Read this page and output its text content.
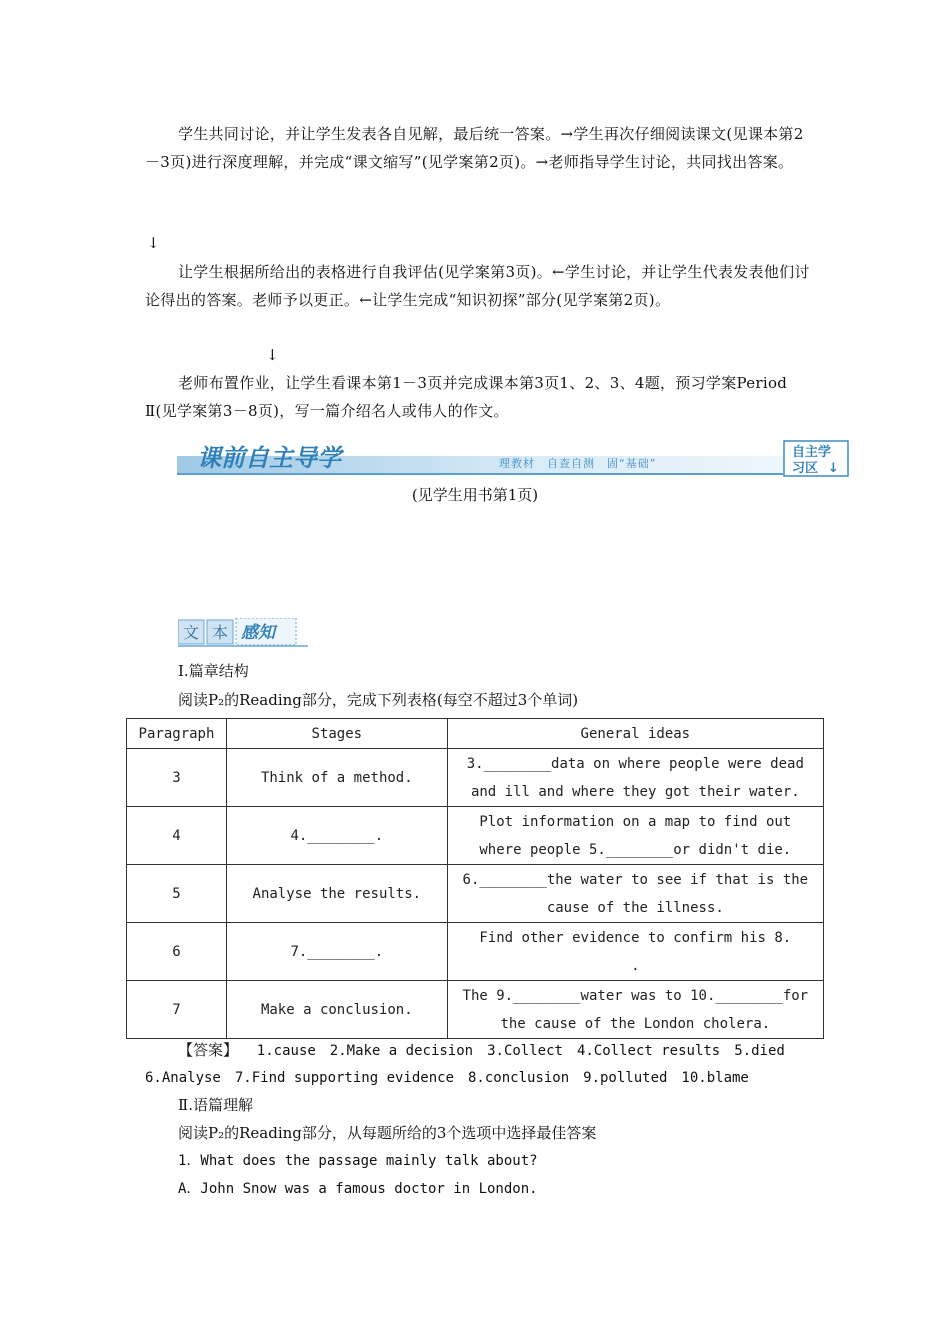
学生共同讨论，并让学生发表各自见解，最后统一答案。→学生再次仔细阅读课文(见课本第2－3页)进行深度理解，并完成“课文缩写”(见学案第2页)。→老师指导学生讨论，共同找出答案。

↓

让学生根据所给出的表格进行自我评估(见学案第3页)。←学生讨论，并让学生代表发表他们讨论得出的答案。老师予以更正。←让学生完成“知识初探”部分(见学案第2页)。

↓

老师布置作业，让学生看课本第1－3页并完成课本第3页1、2、3、4题，预习学案Period Ⅱ(见学案第3－8页)，写一篇介绍名人或伟人的作文。

课前自主导学	理教材　自查自测　固“基础”
自主学
习区 ↓
(见学生用书第1页)
文 本 感知
Ⅰ.篇章结构
阅读P₂的Reading部分，完成下列表格(每空不超过3个单词)
Paragraph	Stages	General ideas
3	Think of a method.	3.________data on where people were dead
and ill and where they got their water.

4	4.________.	Plot information on a map to find out
where people 5.________or didn't die.

5	Analyse the results.	6.________the water to see if that is the
cause of the illness.

6	7.________.	Find other evidence to confirm his 8.
.

7	Make a conclusion.	The 9.________water was to 10.________for
the cause of the London cholera.
【答案】 1.cause　2.Make a decision　3.Collect　4.Collect results　5.died
6.Analyse　7.Find supporting evidence　8.conclusion　9.polluted　10.blame
Ⅱ.语篇理解
阅读P₂的Reading部分，从每题所给的3个选项中选择最佳答案
1．What does the passage mainly talk about?
A．John Snow was a famous doctor in London.
